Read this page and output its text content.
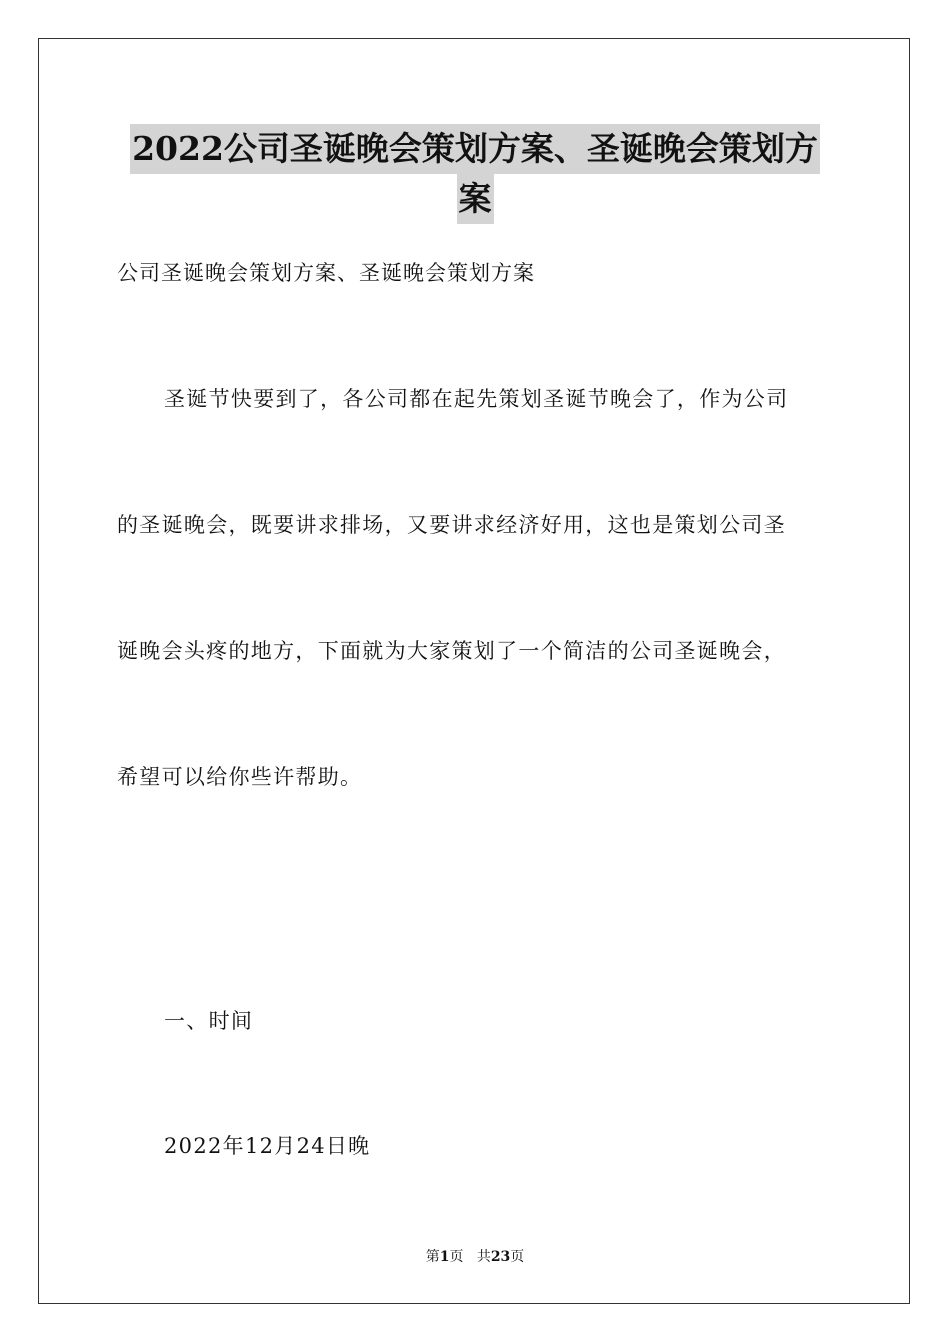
2022公司圣诞晚会策划方案、圣诞晚会策划方
案
公司圣诞晚会策划方案、圣诞晚会策划方案
圣诞节快要到了，各公司都在起先策划圣诞节晚会了，作为公司
的圣诞晚会，既要讲求排场，又要讲求经济好用，这也是策划公司圣
诞晚会头疼的地方，下面就为大家策划了一个简洁的公司圣诞晚会，
希望可以给你些许帮助。
一、时间
2022年12月24日晚
第1页 共23页
